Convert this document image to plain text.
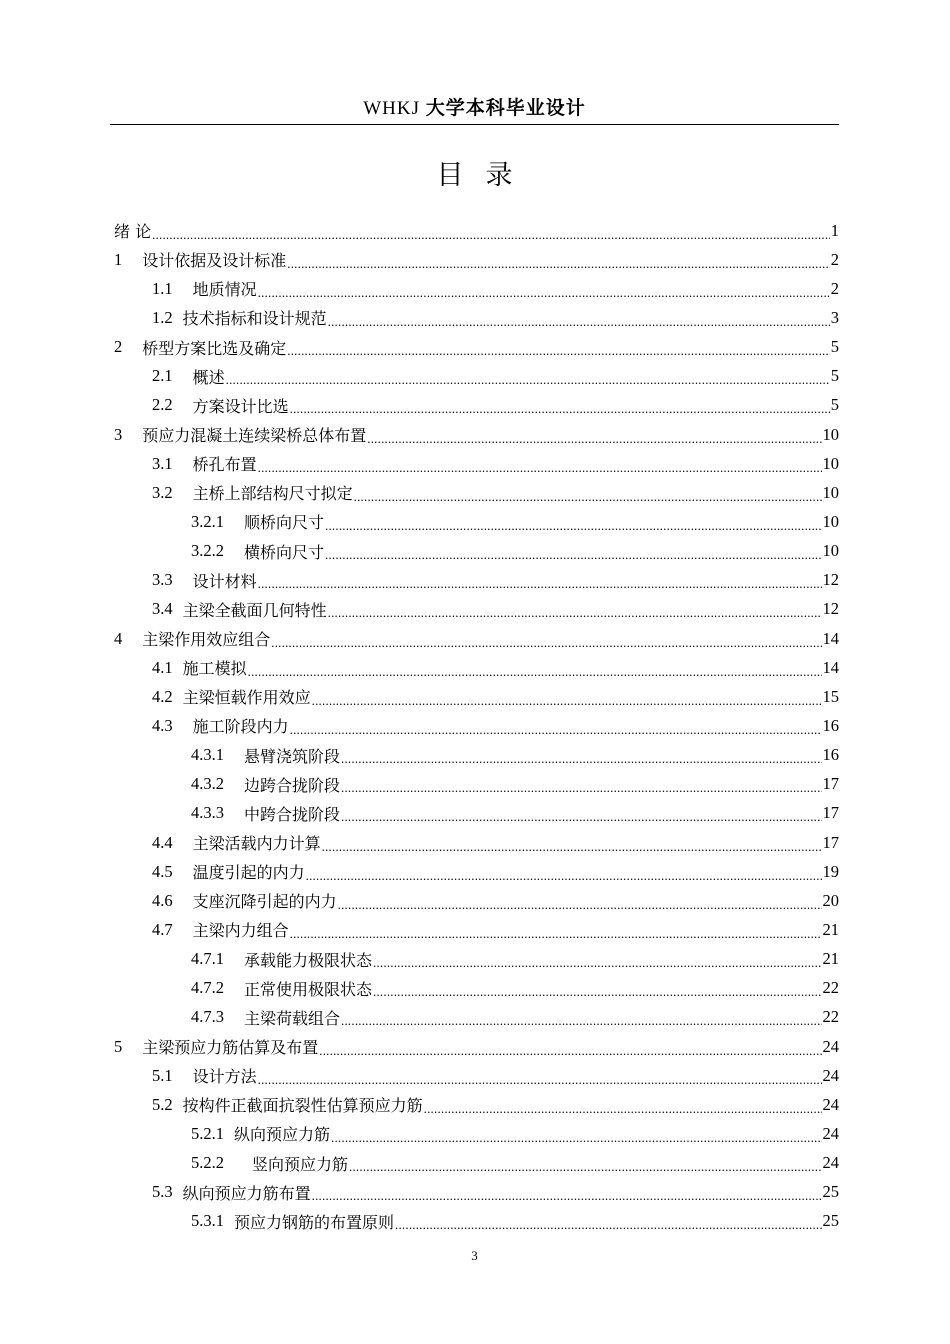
WHKJ 大学本科毕业设计
目录
绪 论 .....	1
1 设计依据及设计标准 .....	2
1.1 地质情况 .....	2
1.2 技术指标和设计规范 .....	3
2 桥型方案比选及确定 .....	5
2.1 概述 .....	5
2.2 方案设计比选 .....	5
3 预应力混凝土连续梁桥总体布置 .....	10
3.1 桥孔布置 .....	10
3.2 主桥上部结构尺寸拟定 .....	10
3.2.1 顺桥向尺寸 .....	10
3.2.2 横桥向尺寸 .....	10
3.3 设计材料 .....	12
3.4 主梁全截面几何特性 .....	12
4 主梁作用效应组合 .....	14
4.1 施工模拟 .....	14
4.2 主梁恒载作用效应 .....	15
4.3 施工阶段内力 .....	16
4.3.1 悬臂浇筑阶段 .....	16
4.3.2 边跨合拢阶段 .....	17
4.3.3 中跨合拢阶段 .....	17
4.4 主梁活载内力计算 .....	17
4.5 温度引起的内力 .....	19
4.6 支座沉降引起的内力 .....	20
4.7 主梁内力组合 .....	21
4.7.1 承载能力极限状态 .....	21
4.7.2 正常使用极限状态 .....	22
4.7.3 主梁荷载组合 .....	22
5 主梁预应力筋估算及布置 .....	24
5.1 设计方法 .....	24
5.2 按构件正截面抗裂性估算预应力筋 .....	24
5.2.1 纵向预应力筋 .....	24
5.2.2 竖向预应力筋 .....	24
5.3 纵向预应力筋布置 .....	25
5.3.1 预应力钢筋的布置原则 .....	25
3
